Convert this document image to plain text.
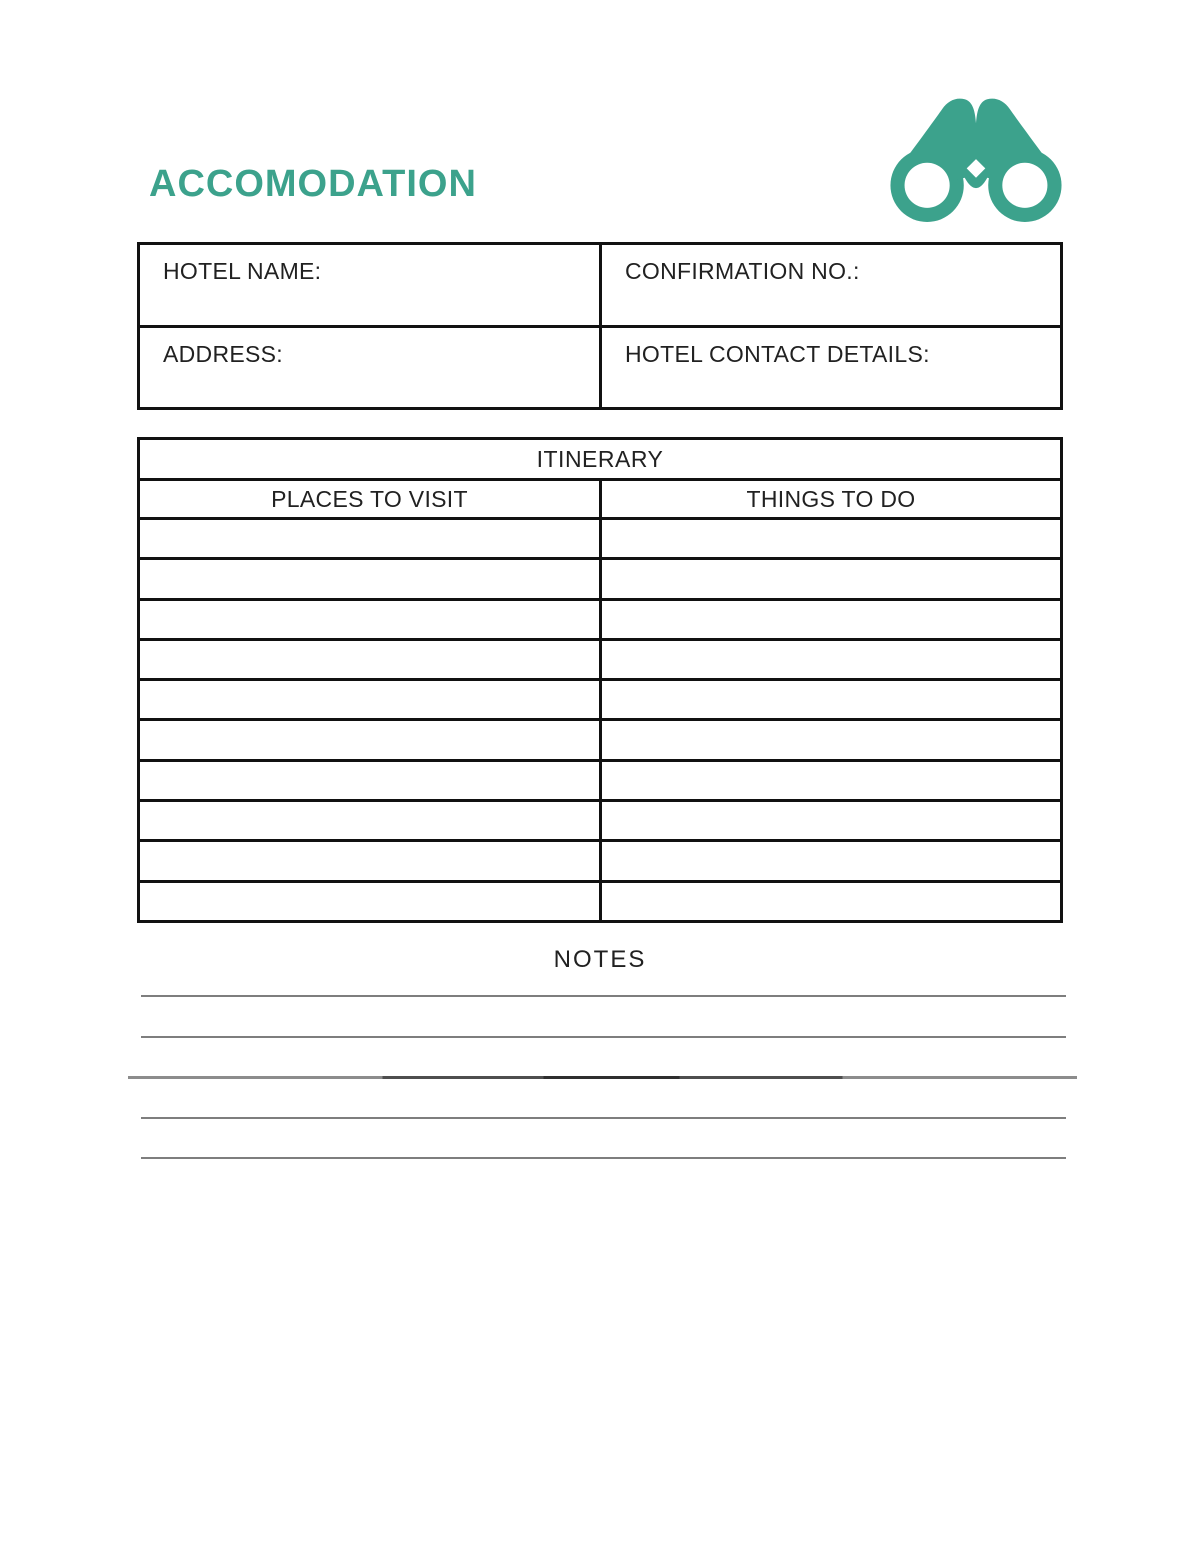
ACCOMODATION
HOTEL NAME:	CONFIRMATION NO.:
ADDRESS:	HOTEL CONTACT DETAILS:
ITINERARY
PLACES TO VISIT	THINGS TO DO
NOTES
